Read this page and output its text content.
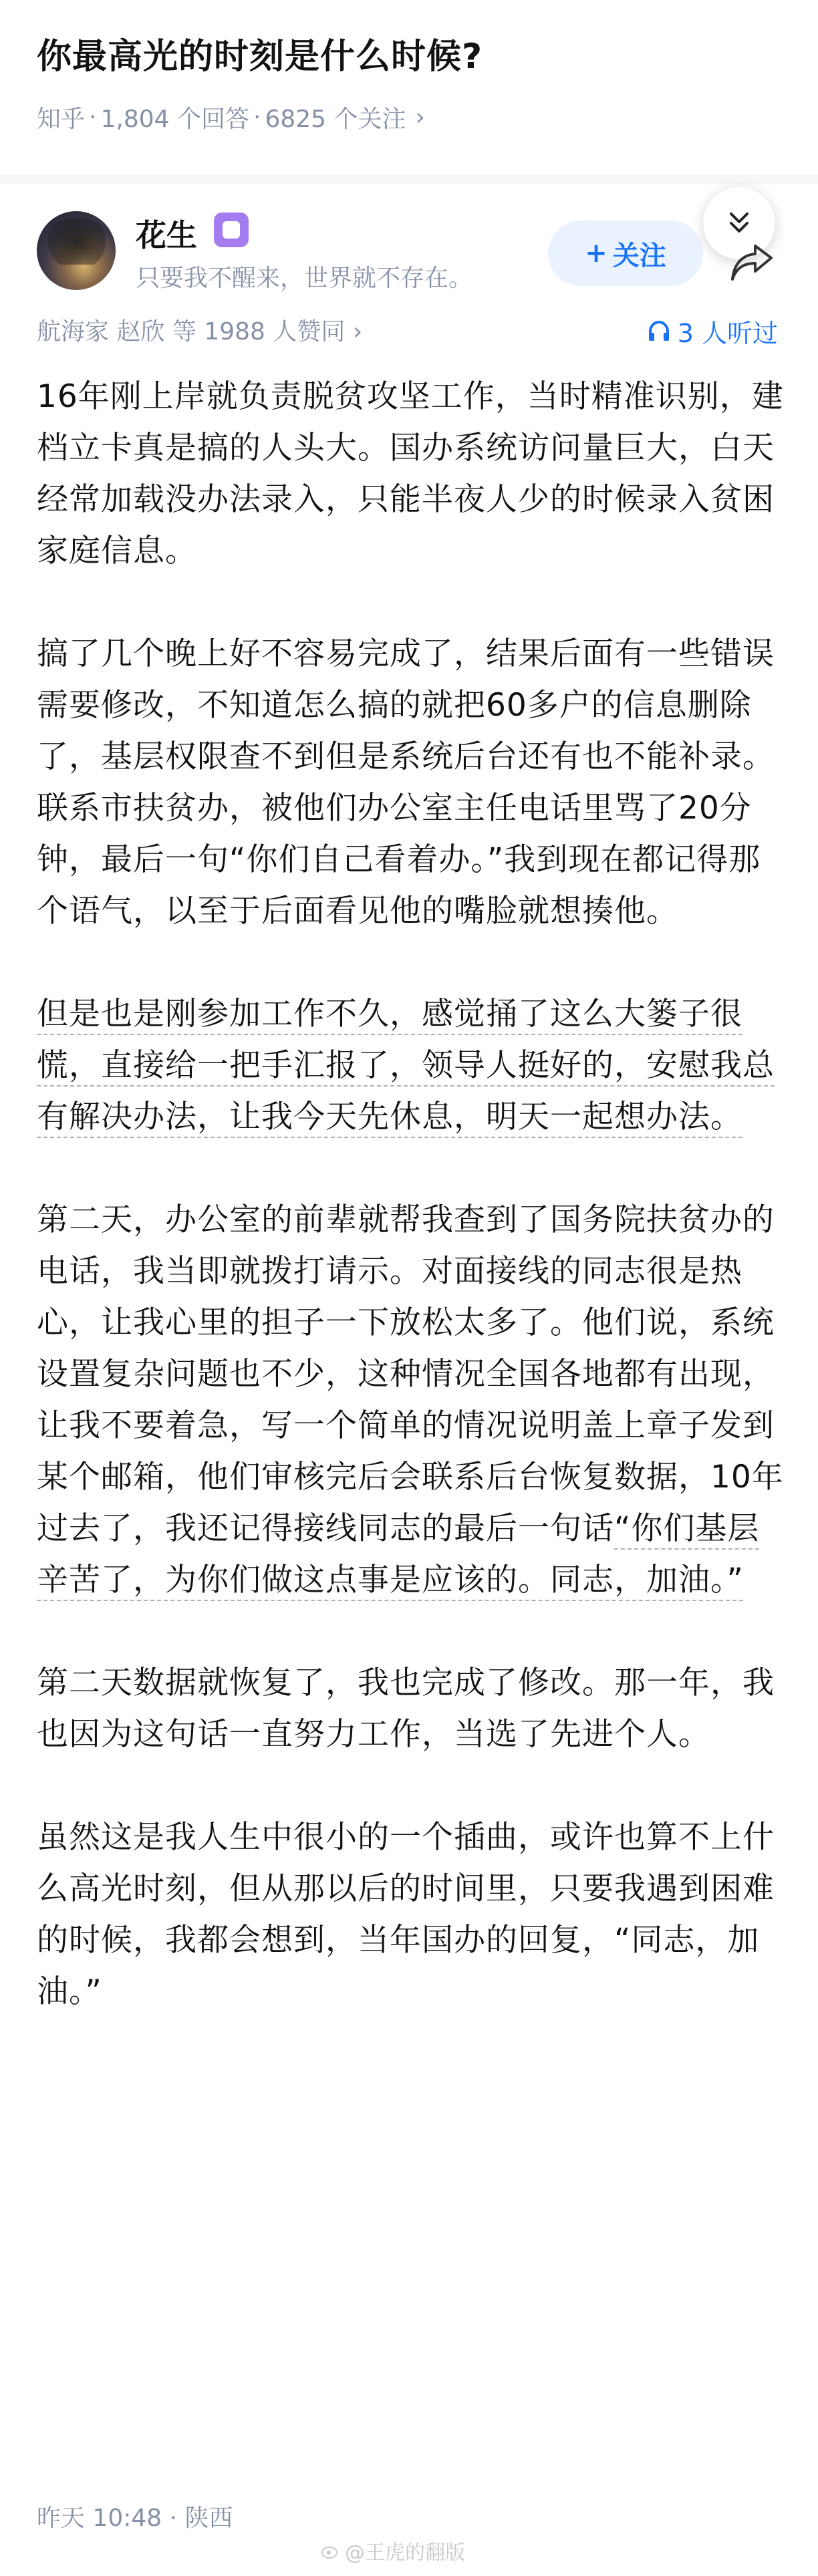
你最高光的时刻是什么时候?
知乎 · 1,804 个回答 · 6825 个关注 ›
花生
只要我不醒来，世界就不存在。
+ 关注
航海家 赵欣 等 1988 人赞同 ›	3 人听过

16年刚上岸就负责脱贫攻坚工作，当时精准识别，建档立卡真是搞的人头大。国办系统访问量巨大，白天经常加载没办法录入，只能半夜人少的时候录入贫困家庭信息。

搞了几个晚上好不容易完成了，结果后面有一些错误需要修改，不知道怎么搞的就把60多户的信息删除了，基层权限查不到但是系统后台还有也不能补录。联系市扶贫办，被他们办公室主任电话里骂了20分钟，最后一句“你们自己看着办。”我到现在都记得那个语气，以至于后面看见他的嘴脸就想揍他。

但是也是刚参加工作不久，感觉捅了这么大篓子很慌，直接给一把手汇报了，领导人挺好的，安慰我总有解决办法，让我今天先休息，明天一起想办法。

第二天，办公室的前辈就帮我查到了国务院扶贫办的电话，我当即就拨打请示。对面接线的同志很是热心，让我心里的担子一下放松太多了。他们说，系统设置复杂问题也不少，这种情况全国各地都有出现，让我不要着急，写一个简单的情况说明盖上章子发到某个邮箱，他们审核完后会联系后台恢复数据，10年过去了，我还记得接线同志的最后一句话“你们基层辛苦了，为你们做这点事是应该的。同志，加油。”

第二天数据就恢复了，我也完成了修改。那一年，我也因为这句话一直努力工作，当选了先进个人。

虽然这是我人生中很小的一个插曲，或许也算不上什么高光时刻，但从那以后的时间里，只要我遇到困难的时候，我都会想到，当年国办的回复，“同志，加油。”

昨天 10:48 · 陕西
@王虎的翻版
